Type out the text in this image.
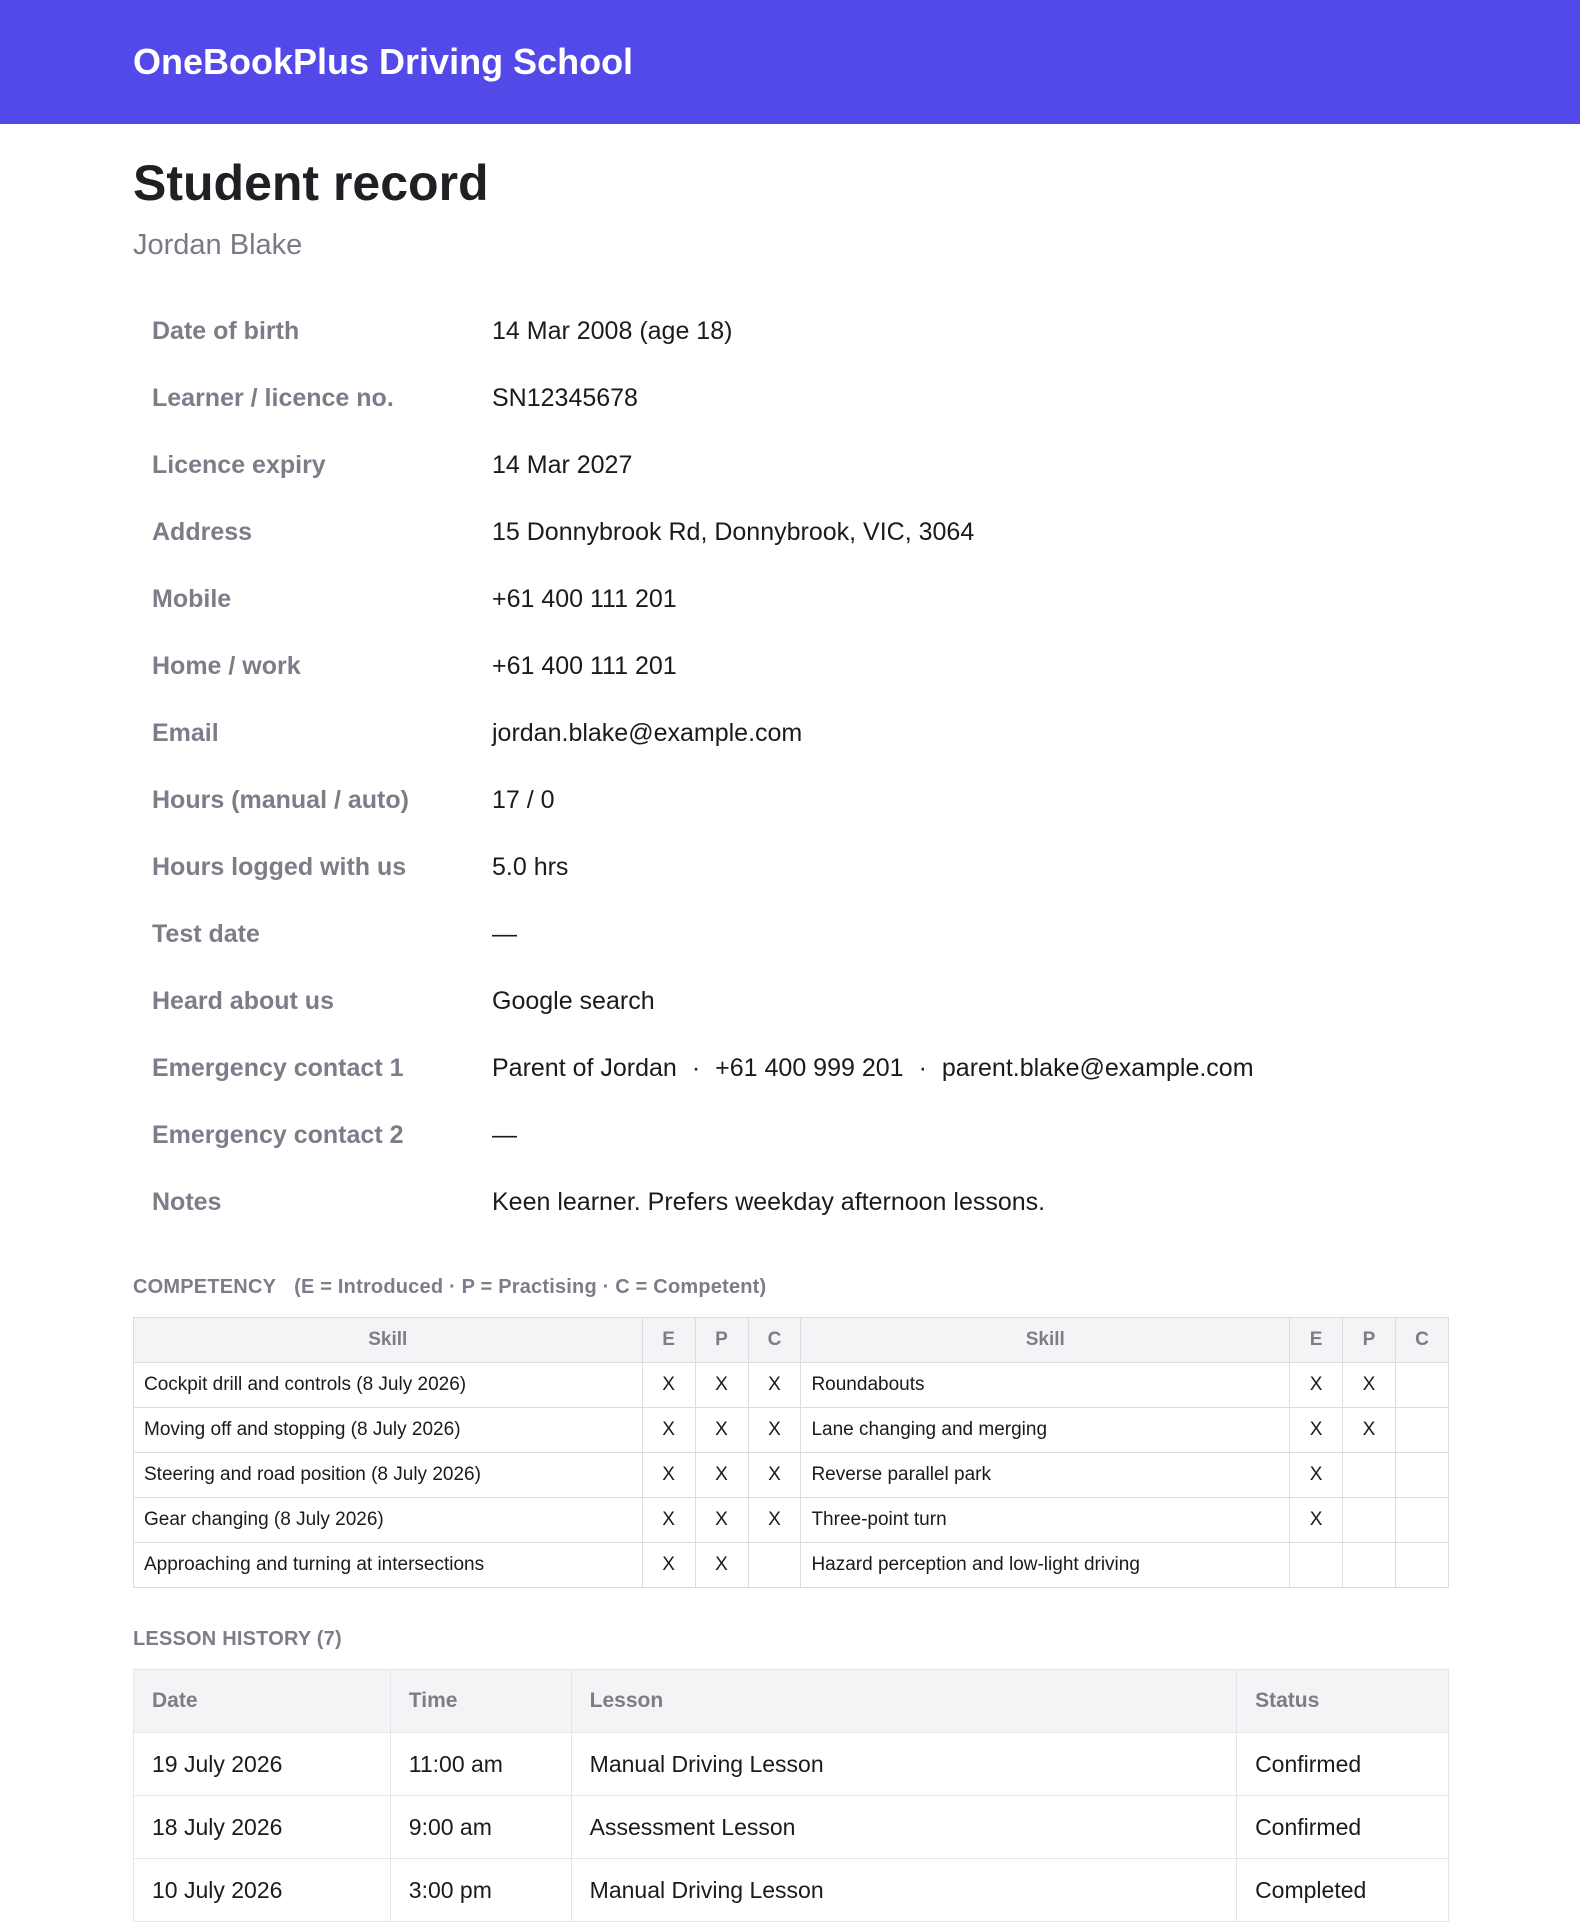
OneBookPlus Driving School
Student record
Jordan Blake
Date of birth	14 Mar 2008 (age 18)
Learner / licence no.	SN12345678
Licence expiry	14 Mar 2027
Address	15 Donnybrook Rd, Donnybrook, VIC, 3064
Mobile	+61 400 111 201
Home / work	+61 400 111 201
Email	jordan.blake@example.com
Hours (manual / auto)	17 / 0
Hours logged with us	5.0 hrs
Test date	—
Heard about us	Google search
Emergency contact 1	Parent of Jordan · +61 400 999 201 · parent.blake@example.com
Emergency contact 2	—
Notes	Keen learner. Prefers weekday afternoon lessons.
COMPETENCY (E = Introduced · P = Practising · C = Competent)
Skill	E	P	C	Skill	E	P	C
Cockpit drill and controls (8 July 2026)	X	X	X	Roundabouts	X	X	
Moving off and stopping (8 July 2026)	X	X	X	Lane changing and merging	X	X	
Steering and road position (8 July 2026)	X	X	X	Reverse parallel park	X		
Gear changing (8 July 2026)	X	X	X	Three-point turn	X		
Approaching and turning at intersections	X	X		Hazard perception and low-light driving			
LESSON HISTORY (7)
Date	Time	Lesson	Status
19 July 2026	11:00 am	Manual Driving Lesson	Confirmed
18 July 2026	9:00 am	Assessment Lesson	Confirmed
10 July 2026	3:00 pm	Manual Driving Lesson	Completed
